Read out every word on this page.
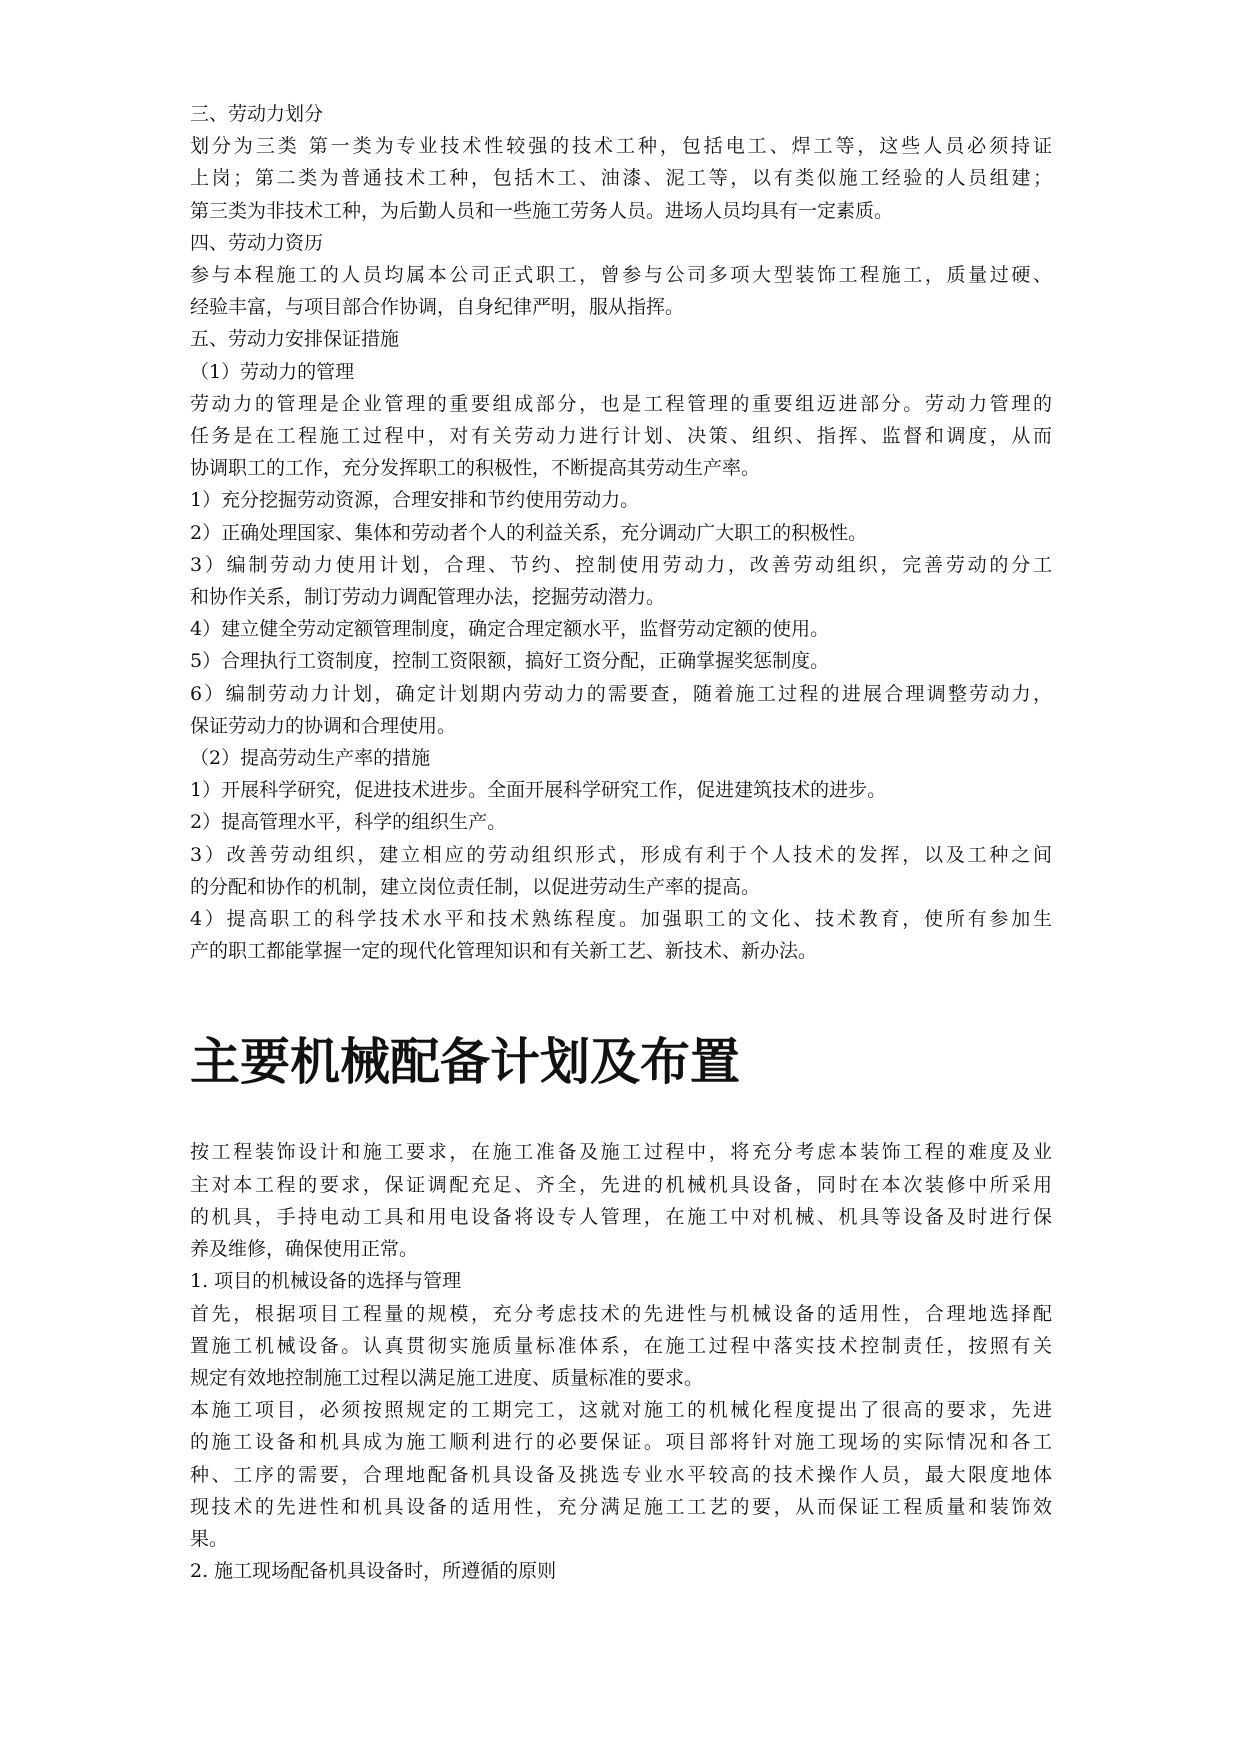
三、劳动力划分

划分为三类 第一类为专业技术性较强的技术工种，包括电工、焊工等，这些人员必须持证

上岗；第二类为普通技术工种，包括木工、油漆、泥工等，以有类似施工经验的人员组建；

第三类为非技术工种，为后勤人员和一些施工劳务人员。进场人员均具有一定素质。

四、劳动力资历

参与本程施工的人员均属本公司正式职工，曾参与公司多项大型装饰工程施工，质量过硬、

经验丰富，与项目部合作协调，自身纪律严明，服从指挥。

五、劳动力安排保证措施

（1）劳动力的管理

劳动力的管理是企业管理的重要组成部分，也是工程管理的重要组迈进部分。劳动力管理的

任务是在工程施工过程中，对有关劳动力进行计划、决策、组织、指挥、监督和调度，从而

协调职工的工作，充分发挥职工的积极性，不断提高其劳动生产率。

1）充分挖掘劳动资源，合理安排和节约使用劳动力。

2）正确处理国家、集体和劳动者个人的利益关系，充分调动广大职工的积极性。

3）编制劳动力使用计划，合理、节约、控制使用劳动力，改善劳动组织，完善劳动的分工

和协作关系，制订劳动力调配管理办法，挖掘劳动潜力。

4）建立健全劳动定额管理制度，确定合理定额水平，监督劳动定额的使用。

5）合理执行工资制度，控制工资限额，搞好工资分配，正确掌握奖惩制度。

6）编制劳动力计划，确定计划期内劳动力的需要查，随着施工过程的进展合理调整劳动力，

保证劳动力的协调和合理使用。

（2）提高劳动生产率的措施

1）开展科学研究，促进技术进步。全面开展科学研究工作，促进建筑技术的进步。

2）提高管理水平，科学的组织生产。

3）改善劳动组织，建立相应的劳动组织形式，形成有利于个人技术的发挥，以及工种之间

的分配和协作的机制，建立岗位责任制，以促进劳动生产率的提高。

4）提高职工的科学技术水平和技术熟练程度。加强职工的文化、技术教育，使所有参加生

产的职工都能掌握一定的现代化管理知识和有关新工艺、新技术、新办法。

主要机械配备计划及布置

按工程装饰设计和施工要求，在施工准备及施工过程中，将充分考虑本装饰工程的难度及业

主对本工程的要求，保证调配充足、齐全，先进的机械机具设备，同时在本次装修中所采用

的机具，手持电动工具和用电设备将设专人管理，在施工中对机械、机具等设备及时进行保

养及维修，确保使用正常。

1. 项目的机械设备的选择与管理

首先，根据项目工程量的规模，充分考虑技术的先进性与机械设备的适用性，合理地选择配

置施工机械设备。认真贯彻实施质量标准体系，在施工过程中落实技术控制责任，按照有关

规定有效地控制施工过程以满足施工进度、质量标准的要求。

本施工项目，必须按照规定的工期完工，这就对施工的机械化程度提出了很高的要求，先进

的施工设备和机具成为施工顺利进行的必要保证。项目部将针对施工现场的实际情况和各工

种、工序的需要，合理地配备机具设备及挑选专业水平较高的技术操作人员，最大限度地体

现技术的先进性和机具设备的适用性，充分满足施工工艺的要，从而保证工程质量和装饰效

果。

2. 施工现场配备机具设备时，所遵循的原则
